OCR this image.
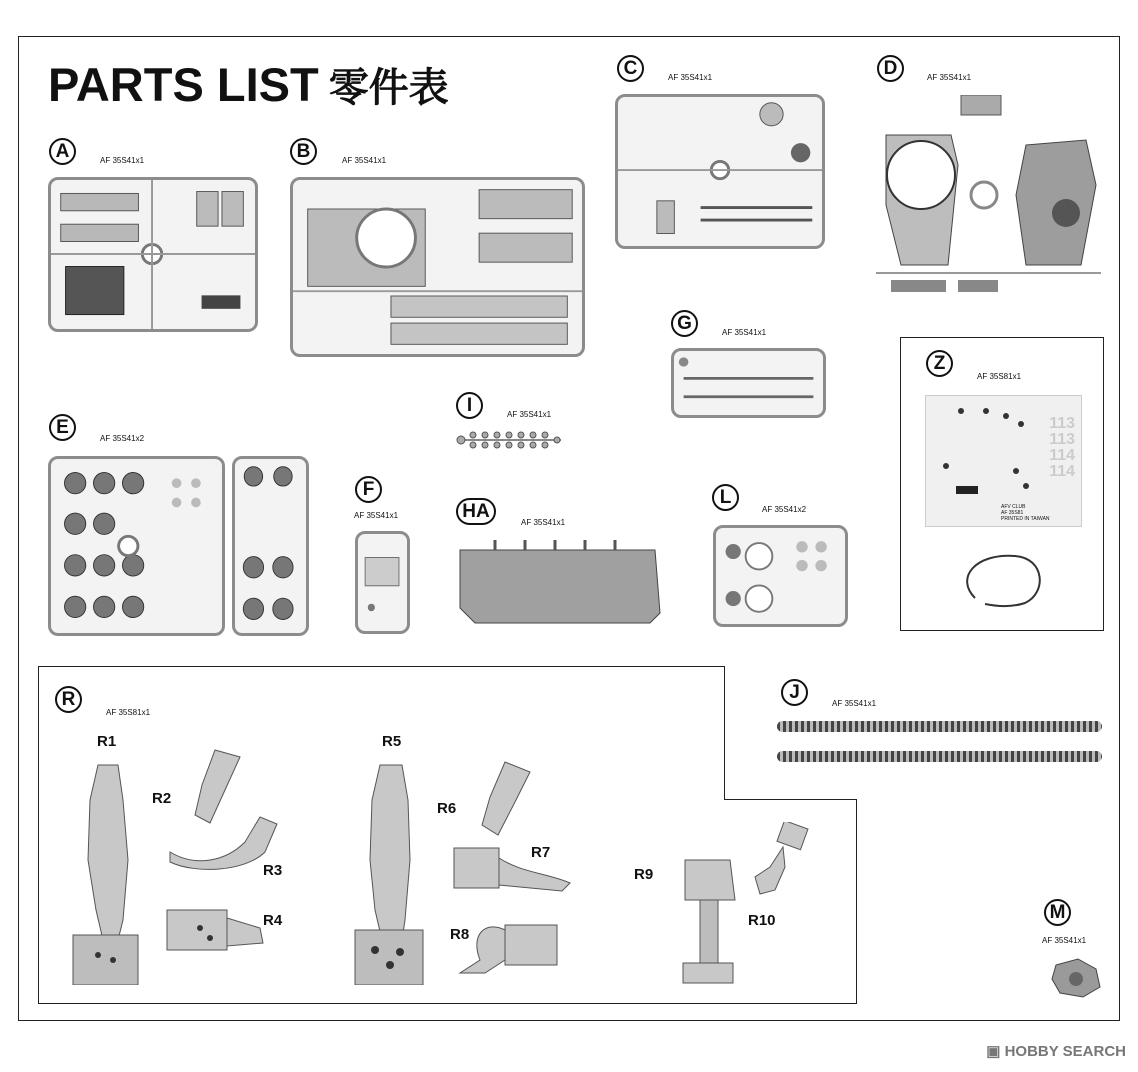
PARTS LIST 零件表
A	AF 35S41x1	B	AF 35S41x1
C	AF 35S41x1	D	AF 35S41x1
G	AF 35S41x1
Z
AF 35S81x1
113
113
114
114
AFV CLUB
AF 35S81
PRINTED IN TAIWAN
I	AF 35S41x1
E
AF 35S41x2
F
AF 35S41x1	HA
AF 35S41x1
L
AF 35S41x2
R
AF 35S81x1
R1
R2
R3
R4
R5
R6
R7
R8
R9
R10
J
AF 35S41x1
M
AF 35S41x1
▣ HOBBY SEARCH
